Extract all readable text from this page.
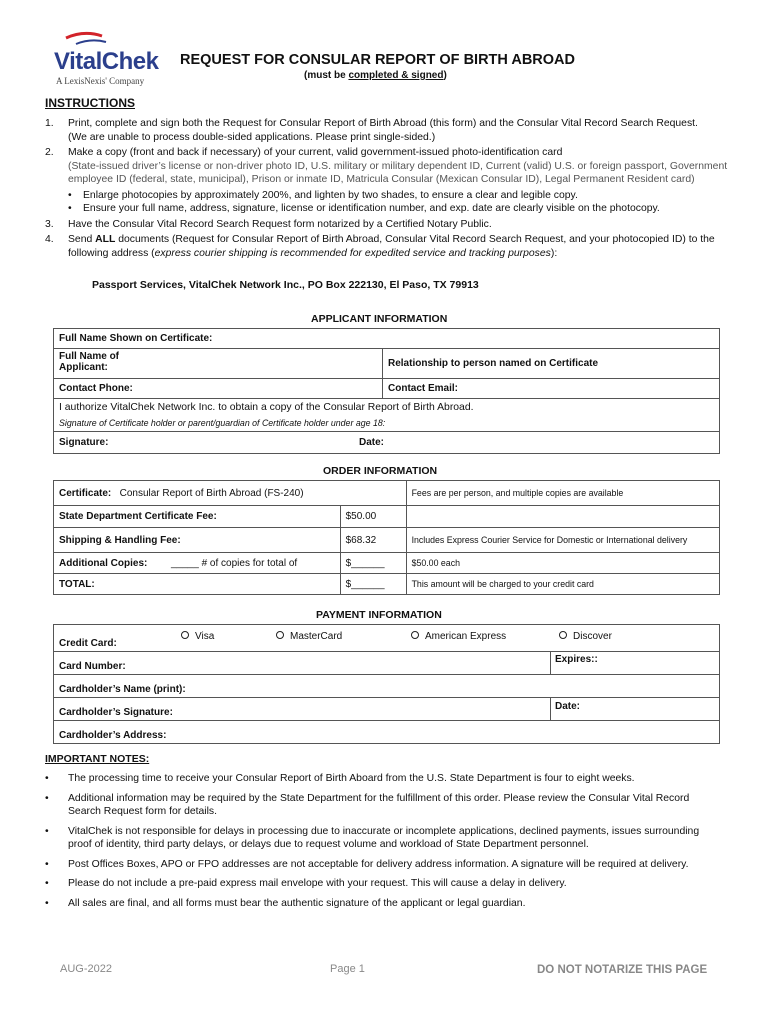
VitalChek
A LexisNexis' Company
REQUEST FOR CONSULAR REPORT OF BIRTH ABROAD
(must be completed & signed)
INSTRUCTIONS
1. Print, complete and sign both the Request for Consular Report of Birth Abroad (this form) and the Consular Vital Record Search Request.
(We are unable to process double-sided applications. Please print single-sided.)
2. Make a copy (front and back if necessary) of your current, valid government-issued photo-identification card
(State-issued driver’s license or non-driver photo ID, U.S. military or military dependent ID, Current (valid) U.S. or foreign passport, Government employee ID (federal, state, municipal), Prison or inmate ID, Matricula Consular (Mexican Consular ID), Legal Permanent Resident card)
• Enlarge photocopies by approximately 200%, and lighten by two shades, to ensure a clear and legible copy.
• Ensure your full name, address, signature, license or identification number, and exp. date are clearly visible on the photocopy.
3. Have the Consular Vital Record Search Request form notarized by a Certified Notary Public.
4. Send ALL documents (Request for Consular Report of Birth Abroad, Consular Vital Record Search Request, and your photocopied ID) to the following address (express courier shipping is recommended for expedited service and tracking purposes):
Passport Services, VitalChek Network Inc., PO Box 222130, El Paso, TX 79913
APPLICANT INFORMATION
Full Name Shown on Certificate:	

Full Name of Applicant:	Relationship to person named on Certificate
Contact Phone:	Contact Email:

I authorize VitalChek Network Inc. to obtain a copy of the Consular Report of Birth Abroad.
Signature of Certificate holder or parent/guardian of Certificate holder under age 18:	

Signature: Date:	
ORDER INFORMATION
Certificate: Consular Report of Birth Abroad (FS-240)		Fees are per person, and multiple copies are available
State Department Certificate Fee:	$50.00	
Shipping & Handling Fee:	$68.32	Includes Express Courier Service for Domestic or International delivery
Additional Copies: _____ # of copies for total of	$______	$50.00 each
TOTAL:	$______	This amount will be charged to your credit card
PAYMENT INFORMATION
Credit Card:
Visa	MasterCard	American Express	Discover

Card Number:
Expires::

Cardholder’s Name (print):
Cardholder’s Signature:
Date:

Cardholder’s Address:
IMPORTANT NOTES:
• The processing time to receive your Consular Report of Birth Aboard from the U.S. State Department is four to eight weeks.
• Additional information may be required by the State Department for the fulfillment of this order. Please review the Consular Vital Record Search Request form for details.
• VitalChek is not responsible for delays in processing due to inaccurate or incomplete applications, declined payments, issues surrounding proof of identity, third party delays, or delays due to request volume and workload of State Department personnel.
• Post Offices Boxes, APO or FPO addresses are not acceptable for delivery address information. A signature will be required at delivery.
• Please do not include a pre-paid express mail envelope with your request. This will cause a delay in delivery.
• All sales are final, and all forms must bear the authentic signature of the applicant or legal guardian.
AUG-2022	Page 1	DO NOT NOTARIZE THIS PAGE
